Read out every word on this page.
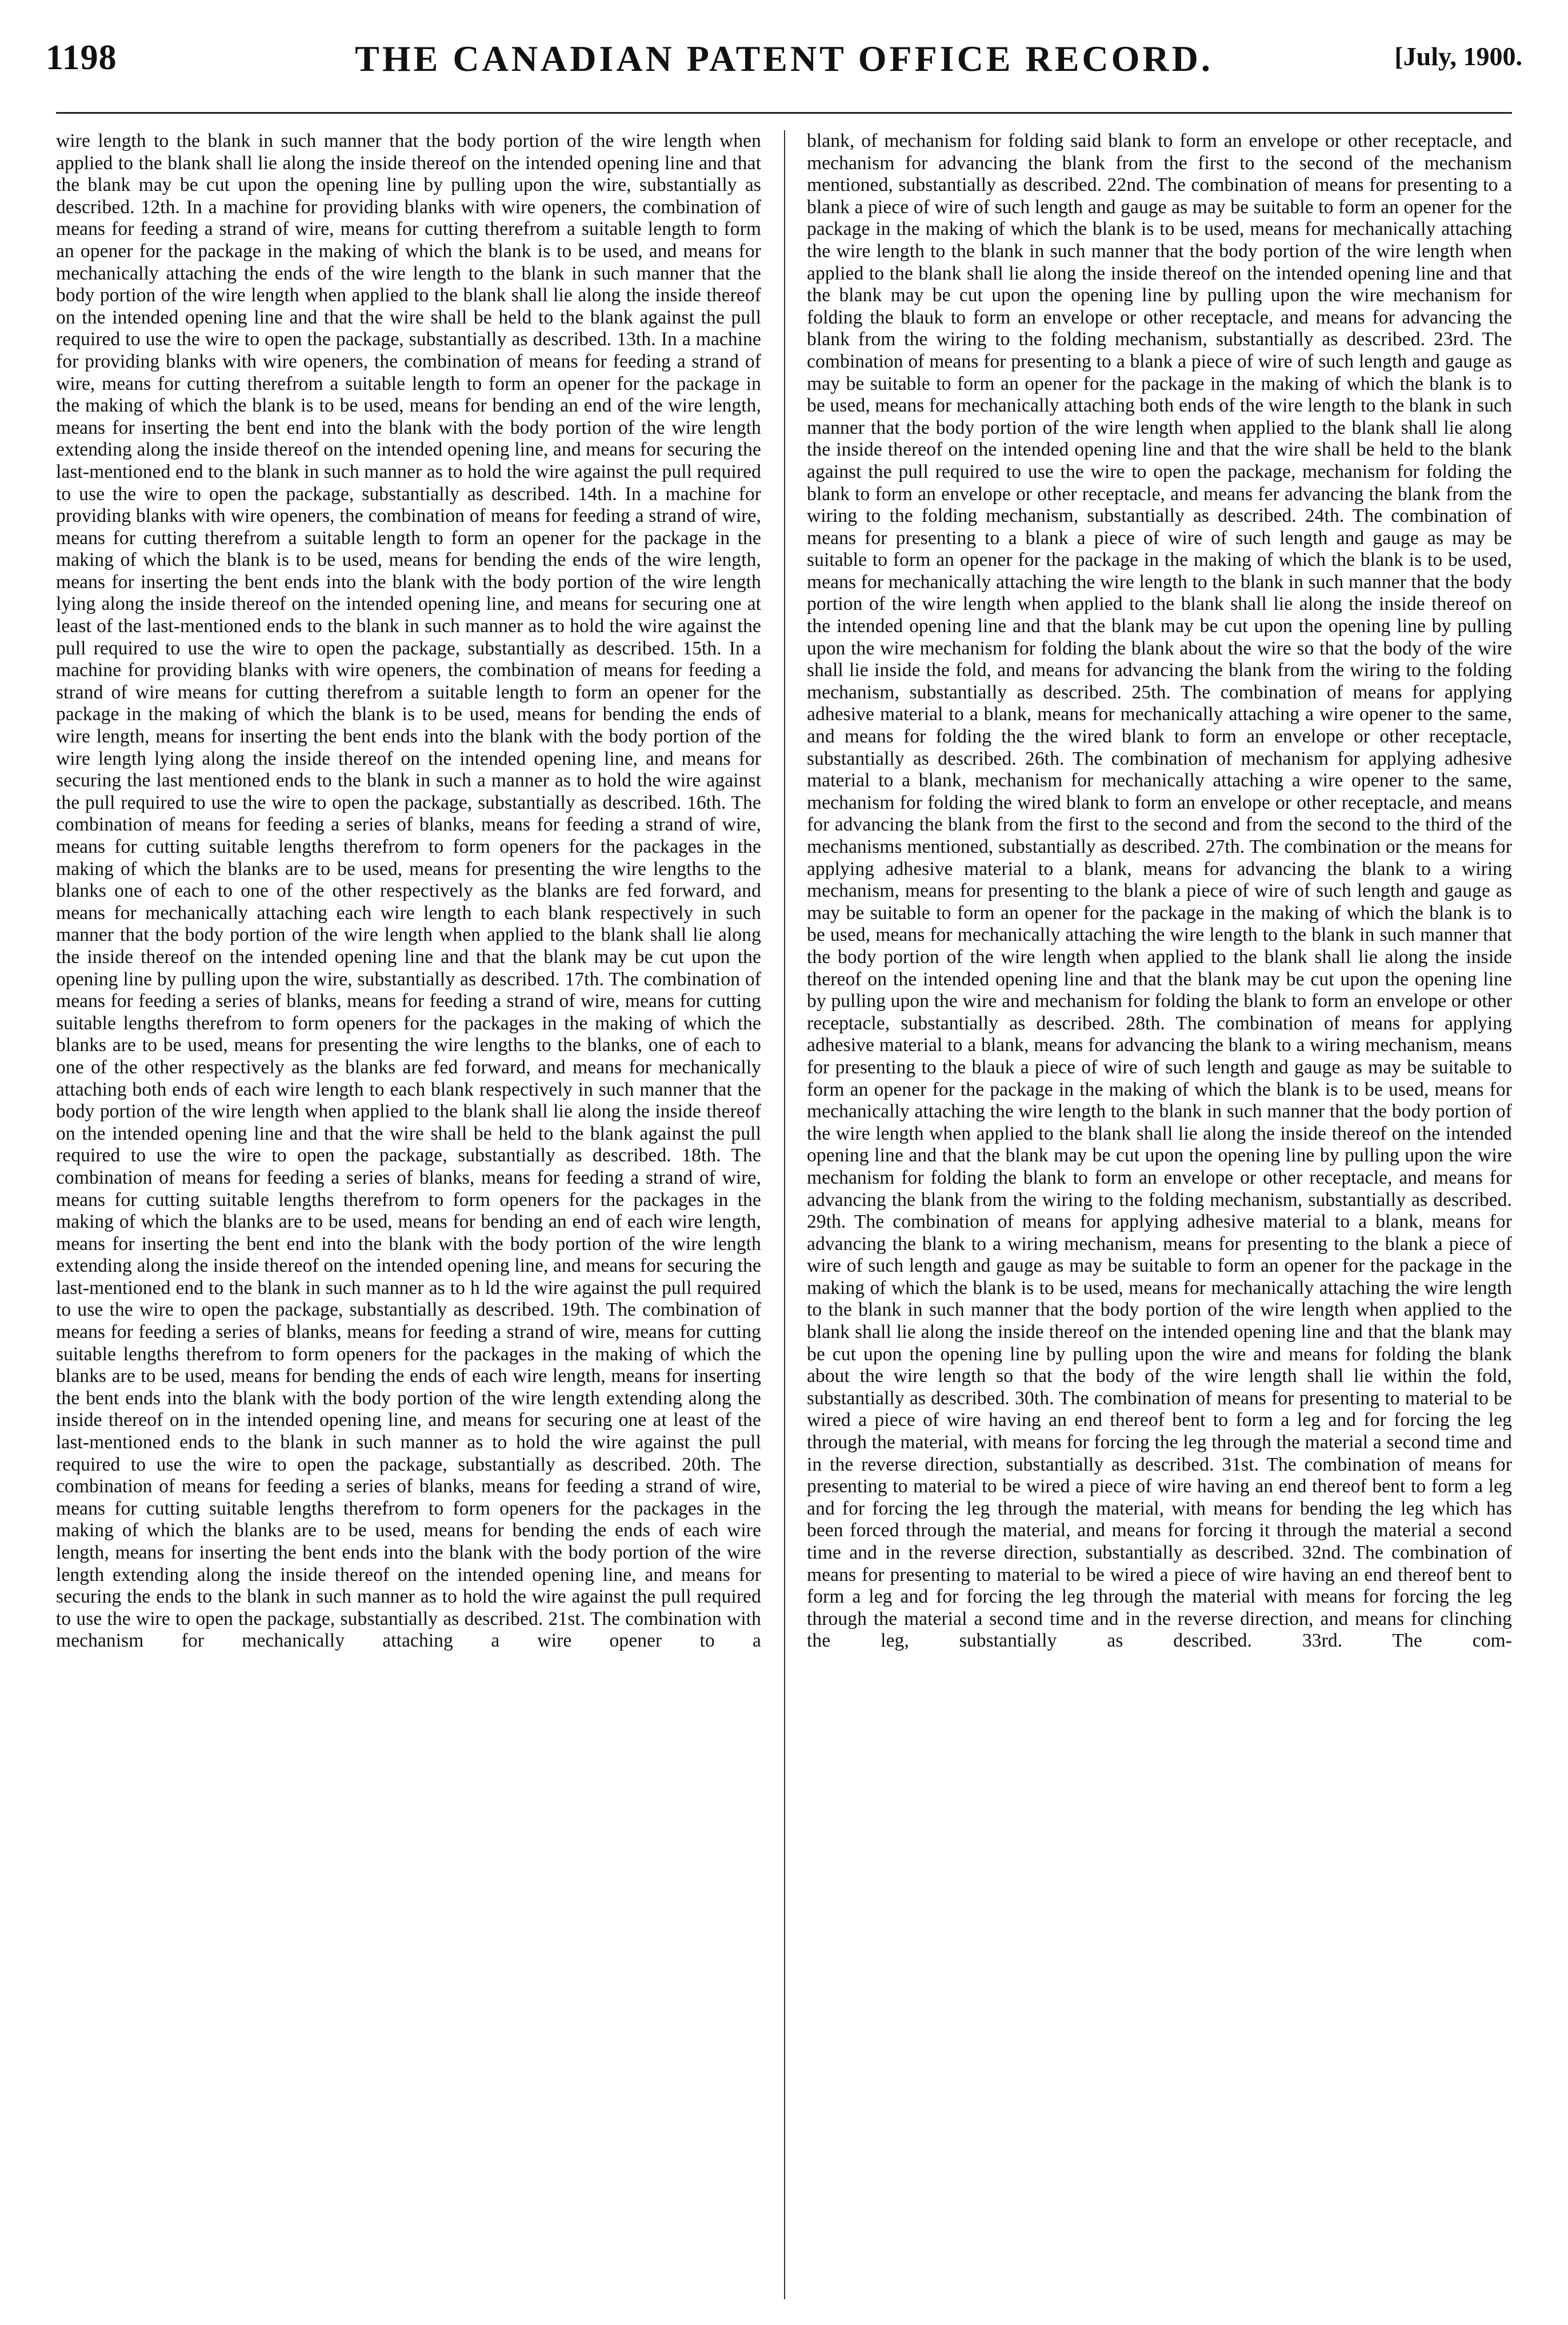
1198	THE CANADIAN PATENT OFFICE RECORD.	[July, 1900.

wire length to the blank in such manner that the body portion of the wire length when applied to the blank shall lie along the inside thereof on the intended opening line and that the blank may be cut upon the opening line by pulling upon the wire, substantially as described. 12th. In a machine for providing blanks with wire openers, the combination of means for feeding a strand of wire, means for cutting therefrom a suitable length to form an opener for the package in the making of which the blank is to be used, and means for mechanically attaching the ends of the wire length to the blank in such manner that the body portion of the wire length when applied to the blank shall lie along the inside thereof on the intended opening line and that the wire shall be held to the blank against the pull required to use the wire to open the package, substantially as described. 13th. In a machine for providing blanks with wire openers, the combination of means for feeding a strand of wire, means for cutting therefrom a suitable length to form an opener for the package in the making of which the blank is to be used, means for bending an end of the wire length, means for inserting the bent end into the blank with the body portion of the wire length extending along the inside thereof on the intended opening line, and means for securing the last-mentioned end to the blank in such manner as to hold the wire against the pull required to use the wire to open the package, substantially as described. 14th. In a machine for providing blanks with wire openers, the combination of means for feeding a strand of wire, means for cutting therefrom a suitable length to form an opener for the package in the making of which the blank is to be used, means for bending the ends of the wire length, means for inserting the bent ends into the blank with the body portion of the wire length lying along the inside thereof on the intended opening line, and means for securing one at least of the last-mentioned ends to the blank in such manner as to hold the wire against the pull required to use the wire to open the package, substantially as described. 15th. In a machine for providing blanks with wire openers, the combination of means for feeding a strand of wire means for cutting therefrom a suitable length to form an opener for the package in the making of which the blank is to be used, means for bending the ends of wire length, means for inserting the bent ends into the blank with the body portion of the wire length lying along the inside thereof on the intended opening line, and means for securing the last mentioned ends to the blank in such a manner as to hold the wire against the pull required to use the wire to open the package, substantially as described. 16th. The combination of means for feeding a series of blanks, means for feeding a strand of wire, means for cutting suitable lengths therefrom to form openers for the packages in the making of which the blanks are to be used, means for presenting the wire lengths to the blanks one of each to one of the other respectively as the blanks are fed forward, and means for mechanically attaching each wire length to each blank respectively in such manner that the body portion of the wire length when applied to the blank shall lie along the inside thereof on the intended opening line and that the blank may be cut upon the opening line by pulling upon the wire, substantially as described. 17th. The combination of means for feeding a series of blanks, means for feeding a strand of wire, means for cutting suitable lengths therefrom to form openers for the packages in the making of which the blanks are to be used, means for presenting the wire lengths to the blanks, one of each to one of the other respectively as the blanks are fed forward, and means for mechanically attaching both ends of each wire length to each blank respectively in such manner that the body portion of the wire length when applied to the blank shall lie along the inside thereof on the intended opening line and that the wire shall be held to the blank against the pull required to use the wire to open the package, substantially as described. 18th. The combination of means for feeding a series of blanks, means for feeding a strand of wire, means for cutting suitable lengths therefrom to form openers for the packages in the making of which the blanks are to be used, means for bending an end of each wire length, means for inserting the bent end into the blank with the body portion of the wire length extending along the inside thereof on the intended opening line, and means for securing the last-mentioned end to the blank in such manner as to h ld the wire against the pull required to use the wire to open the package, substantially as described. 19th. The combination of means for feeding a series of blanks, means for feeding a strand of wire, means for cutting suitable lengths therefrom to form openers for the packages in the making of which the blanks are to be used, means for bending the ends of each wire length, means for inserting the bent ends into the blank with the body portion of the wire length extending along the inside thereof on in the intended opening line, and means for securing one at least of the last-mentioned ends to the blank in such manner as to hold the wire against the pull required to use the wire to open the package, substantially as described. 20th. The combination of means for feeding a series of blanks, means for feeding a strand of wire, means for cutting suitable lengths therefrom to form openers for the packages in the making of which the blanks are to be used, means for bending the ends of each wire length, means for inserting the bent ends into the blank with the body portion of the wire length extending along the inside thereof on the intended opening line, and means for securing the ends to the blank in such manner as to hold the wire against the pull required to use the wire to open the package, substantially as described. 21st. The combination with mechanism for mechanically attaching a wire opener to a

blank, of mechanism for folding said blank to form an envelope or other receptacle, and mechanism for advancing the blank from the first to the second of the mechanism mentioned, substantially as described. 22nd. The combination of means for presenting to a blank a piece of wire of such length and gauge as may be suitable to form an opener for the package in the making of which the blank is to be used, means for mechanically attaching the wire length to the blank in such manner that the body portion of the wire length when applied to the blank shall lie along the inside thereof on the intended opening line and that the blank may be cut upon the opening line by pulling upon the wire mechanism for folding the blauk to form an envelope or other receptacle, and means for advancing the blank from the wiring to the folding mechanism, substantially as described. 23rd. The combination of means for presenting to a blank a piece of wire of such length and gauge as may be suitable to form an opener for the package in the making of which the blank is to be used, means for mechanically attaching both ends of the wire length to the blank in such manner that the body portion of the wire length when applied to the blank shall lie along the inside thereof on the intended opening line and that the wire shall be held to the blank against the pull required to use the wire to open the package, mechanism for folding the blank to form an envelope or other receptacle, and means fer advancing the blank from the wiring to the folding mechanism, substantially as described. 24th. The combination of means for presenting to a blank a piece of wire of such length and gauge as may be suitable to form an opener for the package in the making of which the blank is to be used, means for mechanically attaching the wire length to the blank in such manner that the body portion of the wire length when applied to the blank shall lie along the inside thereof on the intended opening line and that the blank may be cut upon the opening line by pulling upon the wire mechanism for folding the blank about the wire so that the body of the wire shall lie inside the fold, and means for advancing the blank from the wiring to the folding mechanism, substantially as described. 25th. The combination of means for applying adhesive material to a blank, means for mechanically attaching a wire opener to the same, and means for folding the the wired blank to form an envelope or other receptacle, substantially as described. 26th. The combination of mechanism for applying adhesive material to a blank, mechanism for mechanically attaching a wire opener to the same, mechanism for folding the wired blank to form an envelope or other receptacle, and means for advancing the blank from the first to the second and from the second to the third of the mechanisms mentioned, substantially as described. 27th. The combination or the means for applying adhesive material to a blank, means for advancing the blank to a wiring mechanism, means for presenting to the blank a piece of wire of such length and gauge as may be suitable to form an opener for the package in the making of which the blank is to be used, means for mechanically attaching the wire length to the blank in such manner that the body portion of the wire length when applied to the blank shall lie along the inside thereof on the intended opening line and that the blank may be cut upon the opening line by pulling upon the wire and mechanism for folding the blank to form an envelope or other receptacle, substantially as described. 28th. The combination of means for applying adhesive material to a blank, means for advancing the blank to a wiring mechanism, means for presenting to the blauk a piece of wire of such length and gauge as may be suitable to form an opener for the package in the making of which the blank is to be used, means for mechanically attaching the wire length to the blank in such manner that the body portion of the wire length when applied to the blank shall lie along the inside thereof on the intended opening line and that the blank may be cut upon the opening line by pulling upon the wire mechanism for folding the blank to form an envelope or other receptacle, and means for advancing the blank from the wiring to the folding mechanism, substantially as described. 29th. The combination of means for applying adhesive material to a blank, means for advancing the blank to a wiring mechanism, means for presenting to the blank a piece of wire of such length and gauge as may be suitable to form an opener for the package in the making of which the blank is to be used, means for mechanically attaching the wire length to the blank in such manner that the body portion of the wire length when applied to the blank shall lie along the inside thereof on the intended opening line and that the blank may be cut upon the opening line by pulling upon the wire and means for folding the blank about the wire length so that the body of the wire length shall lie within the fold, substantially as described. 30th. The combination of means for presenting to material to be wired a piece of wire having an end thereof bent to form a leg and for forcing the leg through the material, with means for forcing the leg through the material a second time and in the reverse direction, substantially as described. 31st. The combination of means for presenting to material to be wired a piece of wire having an end thereof bent to form a leg and for forcing the leg through the material, with means for bending the leg which has been forced through the material, and means for forcing it through the material a second time and in the reverse direction, substantially as described. 32nd. The combination of means for presenting to material to be wired a piece of wire having an end thereof bent to form a leg and for forcing the leg through the material with means for forcing the leg through the material a second time and in the reverse direction, and means for clinching the leg, substantially as described. 33rd. The com-
